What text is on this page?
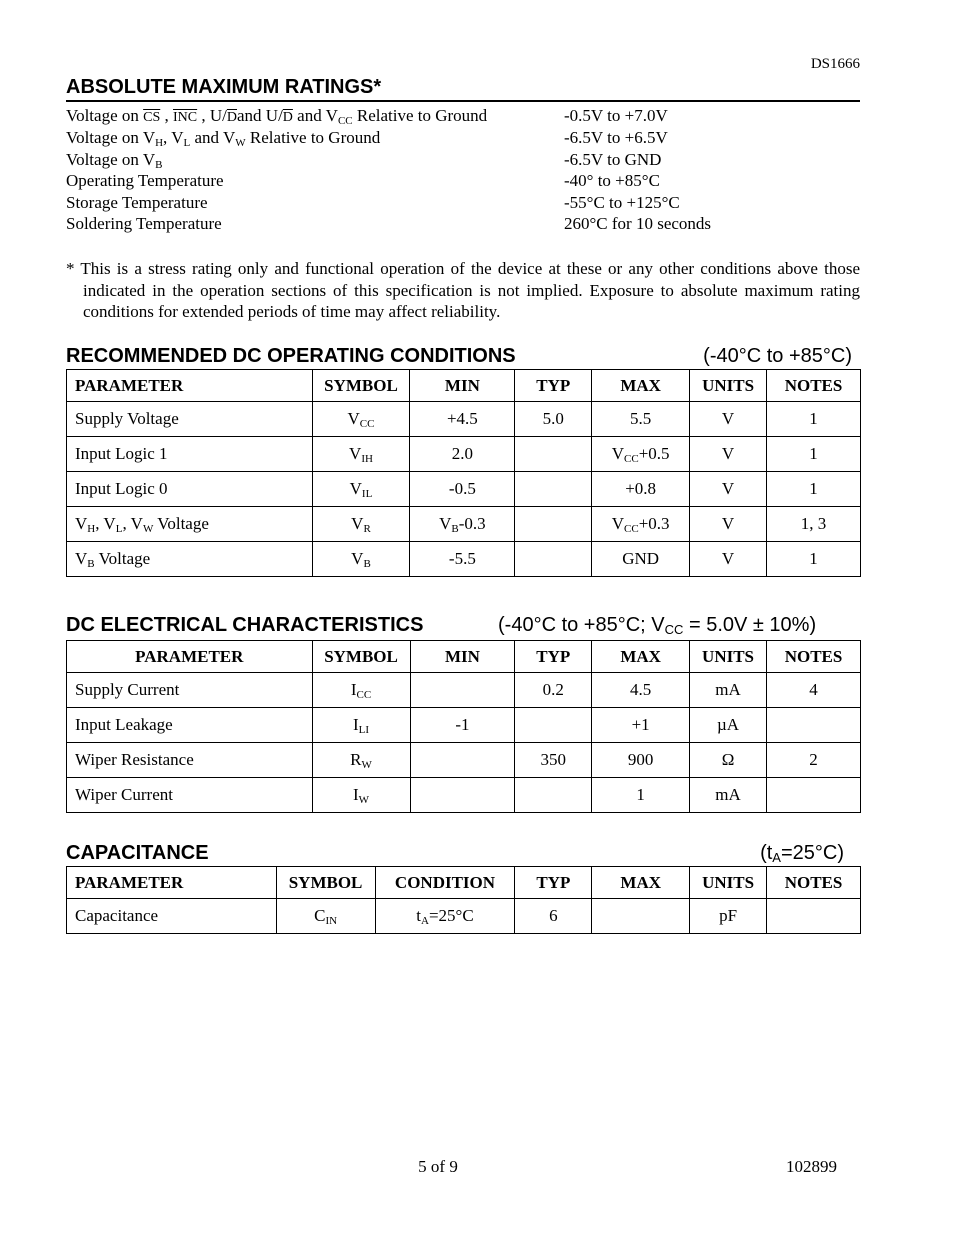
DS1666
ABSOLUTE MAXIMUM RATINGS*
Voltage on $\overline{CS}$ , $\overline{INC}$ , $U/\overline{D}and$ $U/\overline{D}$ and $V_{CC}$ Relative to Ground	-0.5V to +7.0V
Voltage on $V_H$, $V_L$ and $V_W$ Relative to Ground	-6.5V to +6.5V
Voltage on $V_B$	-6.5V to GND
Operating Temperature	-40° to +85°C
Storage Temperature	-55°C to +125°C
Soldering Temperature	260°C for 10 seconds
* This is a stress rating only and functional operation of the device at these or any other conditions above those indicated in the operation sections of this specification is not implied. Exposure to absolute maximum rating conditions for extended periods of time may affect reliability.
RECOMMENDED DC OPERATING CONDITIONS	(-40°C to +85°C)
PARAMETER	SYMBOL	MIN	TYP	MAX	UNITS	NOTES
Supply Voltage	$V_{CC}$	+4.5	5.0	5.5	V	1
Input Logic 1	$V_{IH}$	2.0		$V_{CC}+0.5$	V	1
Input Logic 0	$V_{IL}$	-0.5		+0.8	V	1
$V_H$, $V_L$, $V_W$ Voltage	$V_R$	$V_B-0.3$		$V_{CC}+0.3$	V	1, 3
$V_B$ Voltage	$V_B$	-5.5		GND	V	1
DC ELECTRICAL CHARACTERISTICS	(-40°C to +85°C; $V_{CC} = 5.0V \pm 10\%$)
PARAMETER	SYMBOL	MIN	TYP	MAX	UNITS	NOTES
Supply Current	$I_{CC}$		0.2	4.5	mA	4
Input Leakage	$I_{LI}$	-1		+1	µA	
Wiper Resistance	$R_W$		350	900	Ω	2
Wiper Current	$I_W$			1	mA	
CAPACITANCE	$(t_A=25^\circ C)$
PARAMETER	SYMBOL	CONDITION	TYP	MAX	UNITS	NOTES
Capacitance	$C_{IN}$	$t_A=25^\circ C$	6		pF	
5 of 9	102899
